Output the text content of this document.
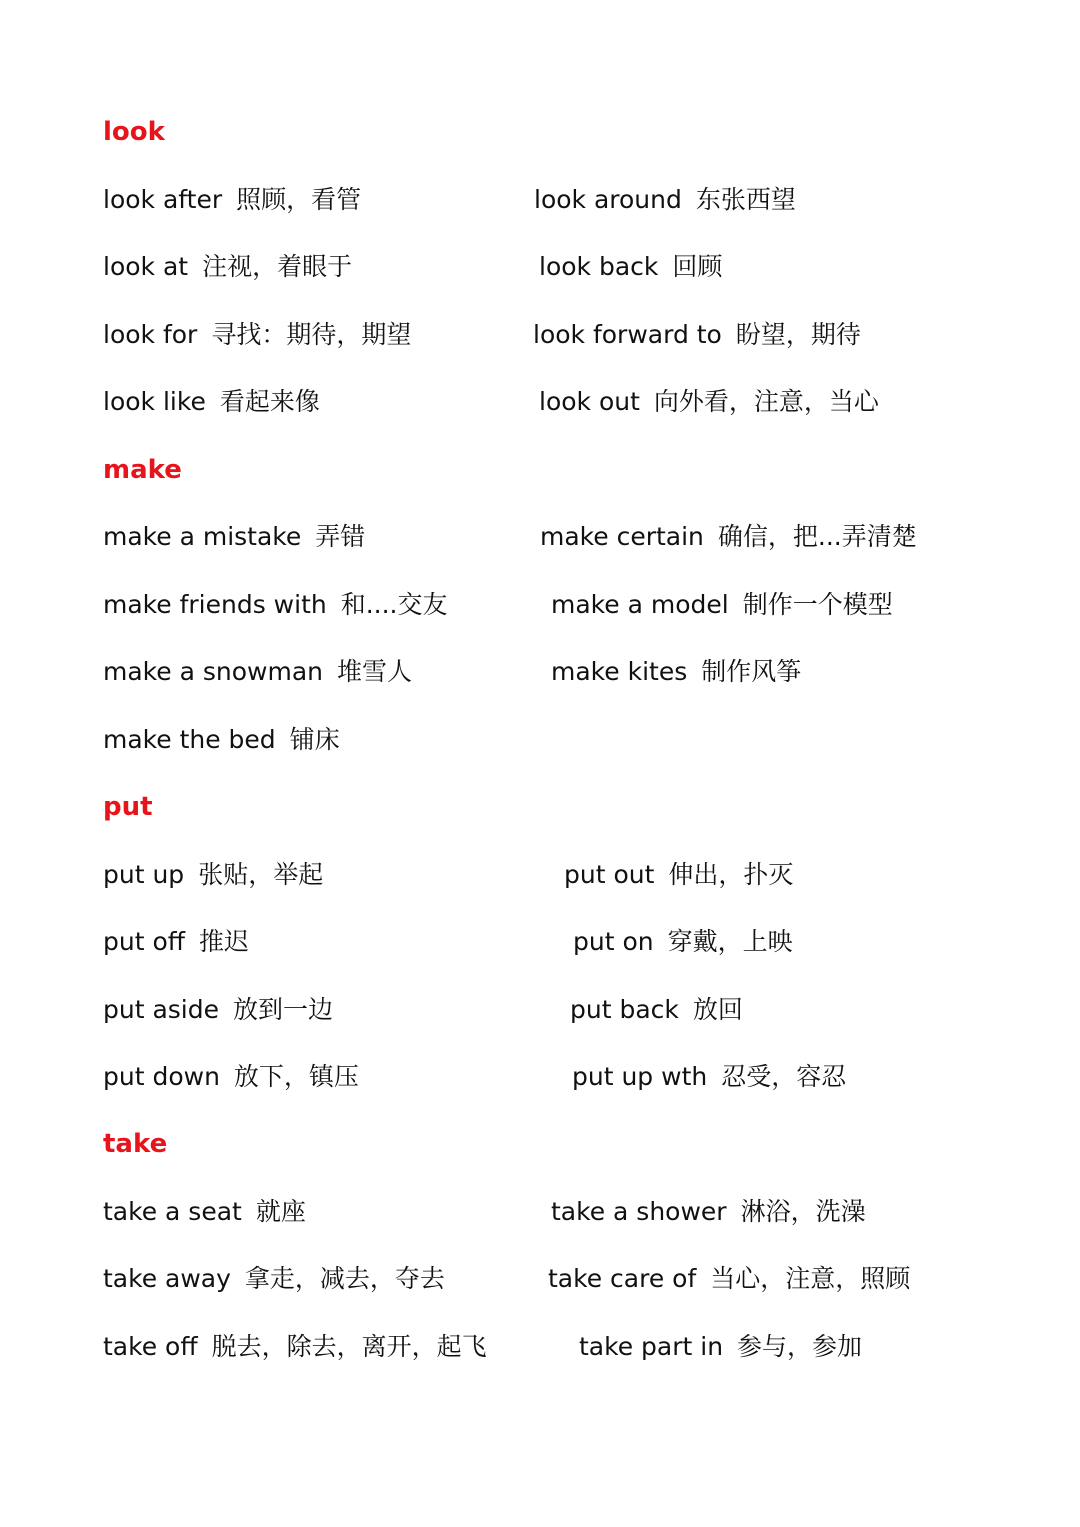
look
look after 照顾，看管	look around 东张西望
look at 注视，着眼于	look back 回顾
look for 寻找：期待，期望	look forward to 盼望，期待
look like 看起来像	look out 向外看，注意，当心
make
make a mistake 弄错	make certain 确信，把...弄清楚
make friends with 和....交友	make a model 制作一个模型
make a snowman 堆雪人	make kites 制作风筝
make the bed 铺床
put
put up 张贴，举起	put out 伸出，扑灭
put off 推迟	put on 穿戴，上映
put aside 放到一边	put back 放回
put down 放下，镇压	put up wth 忍受，容忍
take
take a seat 就座	take a shower 淋浴，洗澡
take away 拿走，减去，夺去	take care of 当心，注意，照顾
take off 脱去，除去，离开，起飞	take part in 参与，参加
